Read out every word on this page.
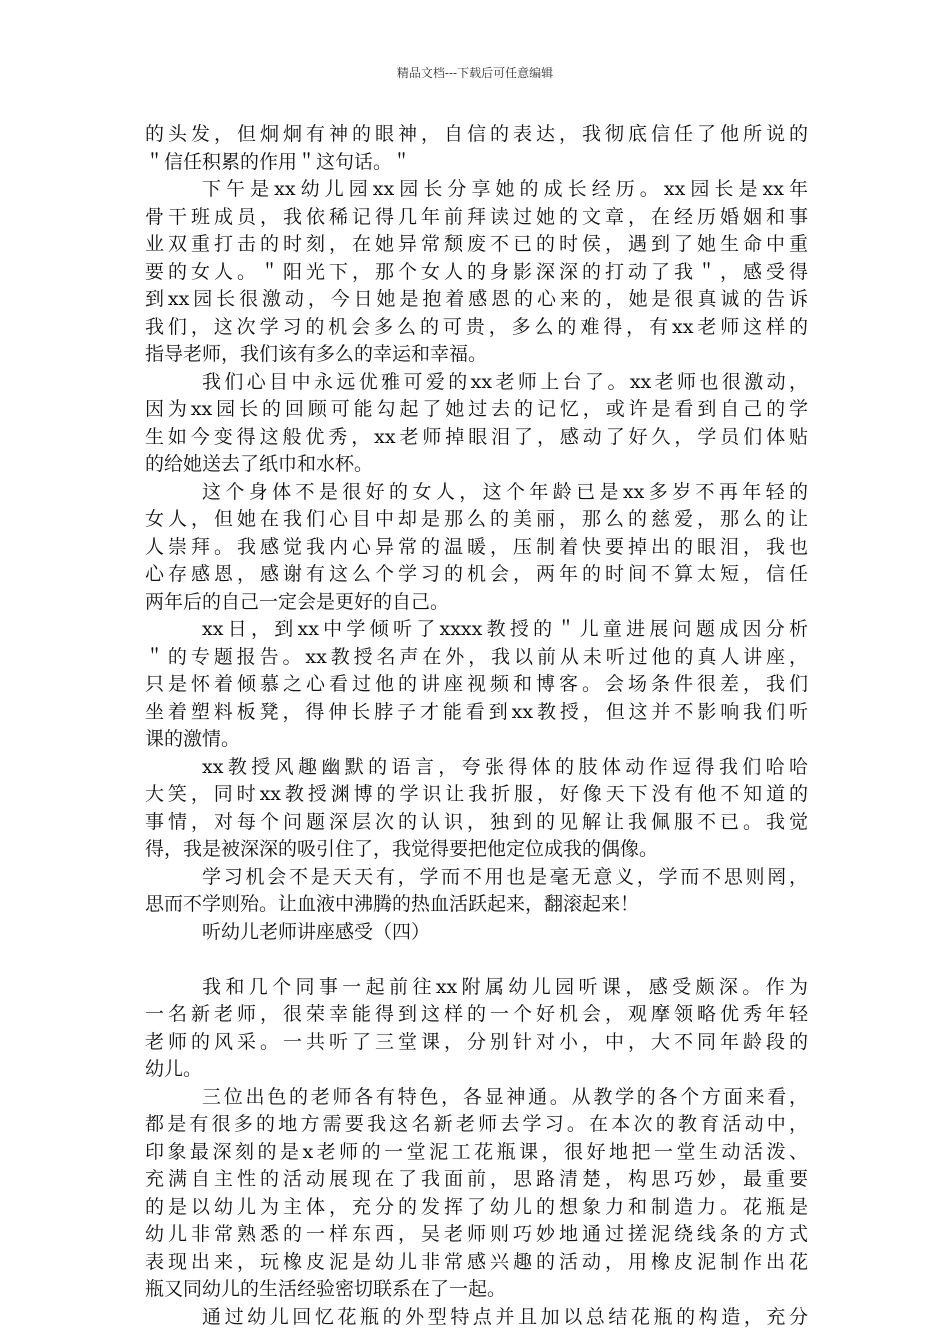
精品文档---下载后可任意编辑
的头发，但炯炯有神的眼神，自信的表达，我彻底信任了他所说的
＂信任积累的作用＂这句话。＂
下午是xx幼儿园xx园长分享她的成长经历。xx园长是xx年
骨干班成员，我依稀记得几年前拜读过她的文章，在经历婚姻和事
业双重打击的时刻，在她异常颓废不已的时侯，遇到了她生命中重
要的女人。＂阳光下，那个女人的身影深深的打动了我＂，感受得
到xx园长很激动，今日她是抱着感恩的心来的，她是很真诚的告诉
我们，这次学习的机会多么的可贵，多么的难得，有xx老师这样的
指导老师，我们该有多么的幸运和幸福。
我们心目中永远优雅可爱的xx老师上台了。xx老师也很激动，
因为xx园长的回顾可能勾起了她过去的记忆，或许是看到自己的学
生如今变得这般优秀，xx老师掉眼泪了，感动了好久，学员们体贴
的给她送去了纸巾和水杯。
这个身体不是很好的女人，这个年龄已是xx多岁不再年轻的
女人，但她在我们心目中却是那么的美丽，那么的慈爱，那么的让
人崇拜。我感觉我内心异常的温暖，压制着快要掉出的眼泪，我也
心存感恩，感谢有这么个学习的机会，两年的时间不算太短，信任
两年后的自己一定会是更好的自己。
xx日，到xx中学倾听了xxxx教授的＂儿童进展问题成因分析
＂的专题报告。xx教授名声在外，我以前从未听过他的真人讲座，
只是怀着倾慕之心看过他的讲座视频和博客。会场条件很差，我们
坐着塑料板凳，得伸长脖子才能看到xx教授，但这并不影响我们听
课的激情。
xx教授风趣幽默的语言，夸张得体的肢体动作逗得我们哈哈
大笑，同时xx教授渊博的学识让我折服，好像天下没有他不知道的
事情，对每个问题深层次的认识，独到的见解让我佩服不已。我觉
得，我是被深深的吸引住了，我觉得要把他定位成我的偶像。
学习机会不是天天有，学而不用也是毫无意义，学而不思则罔，
思而不学则殆。让血液中沸腾的热血活跃起来，翻滚起来！
听幼儿老师讲座感受（四）
我和几个同事一起前往xx附属幼儿园听课，感受颇深。作为
一名新老师，很荣幸能得到这样的一个好机会，观摩领略优秀年轻
老师的风采。一共听了三堂课，分别针对小，中，大不同年龄段的
幼儿。
三位出色的老师各有特色，各显神通。从教学的各个方面来看，
都是有很多的地方需要我这名新老师去学习。在本次的教育活动中，
印象最深刻的是x老师的一堂泥工花瓶课，很好地把一堂生动活泼、
充满自主性的活动展现在了我面前，思路清楚，构思巧妙，最重要
的是以幼儿为主体，充分的发挥了幼儿的想象力和制造力。花瓶是
幼儿非常熟悉的一样东西，吴老师则巧妙地通过搓泥绕线条的方式
表现出来，玩橡皮泥是幼儿非常感兴趣的活动，用橡皮泥制作出花
瓶又同幼儿的生活经验密切联系在了一起。
通过幼儿回忆花瓶的外型特点并且加以总结花瓶的构造，充分
